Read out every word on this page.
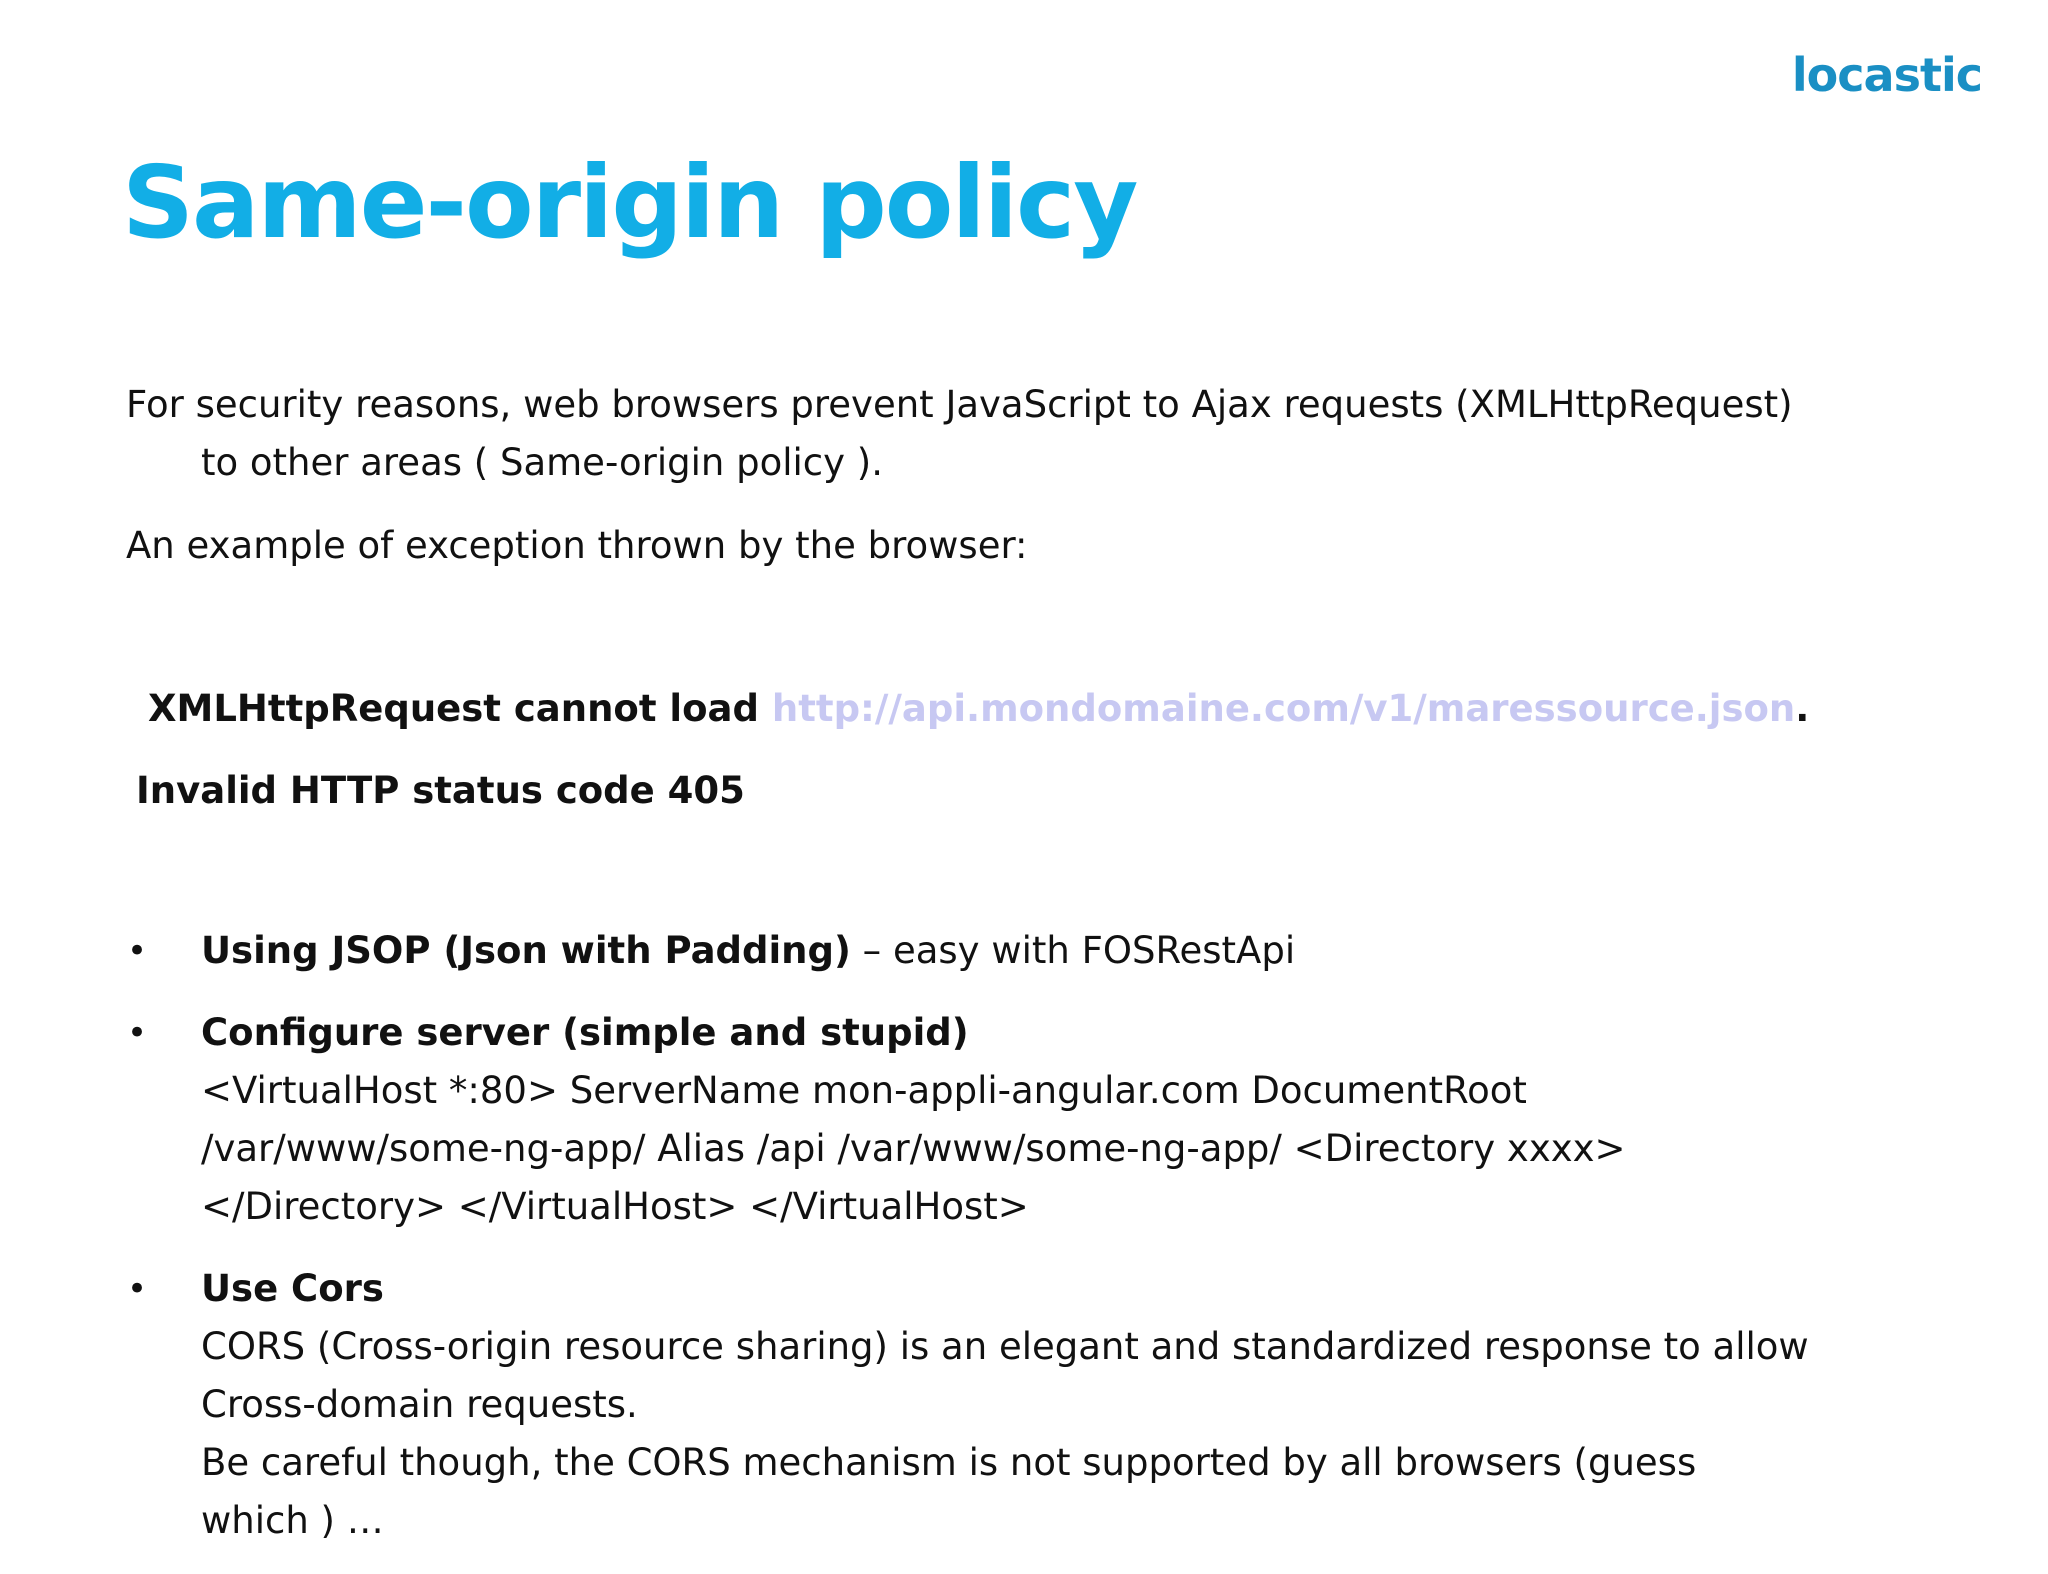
locastic
Same-origin policy
For security reasons, web browsers prevent JavaScript to Ajax requests (XMLHttpRequest)
to other areas ( Same-origin policy ).
An example of exception thrown by the browser:
XMLHttpRequest cannot load http://api.mondomaine.com/v1/maressource.json.
Invalid HTTP status code 405
• Using JSOP (Json with Padding) – easy with FOSRestApi
• Configure server (simple and stupid)
<VirtualHost *:80> ServerName mon-appli-angular.com DocumentRoot
/var/www/some-ng-app/ Alias /api /var/www/some-ng-app/ <Directory xxxx>
</Directory> </VirtualHost> </VirtualHost>
• Use Cors
CORS (Cross-origin resource sharing) is an elegant and standardized response to allow
Cross-domain requests.
Be careful though, the CORS mechanism is not supported by all browsers (guess
which ) …
